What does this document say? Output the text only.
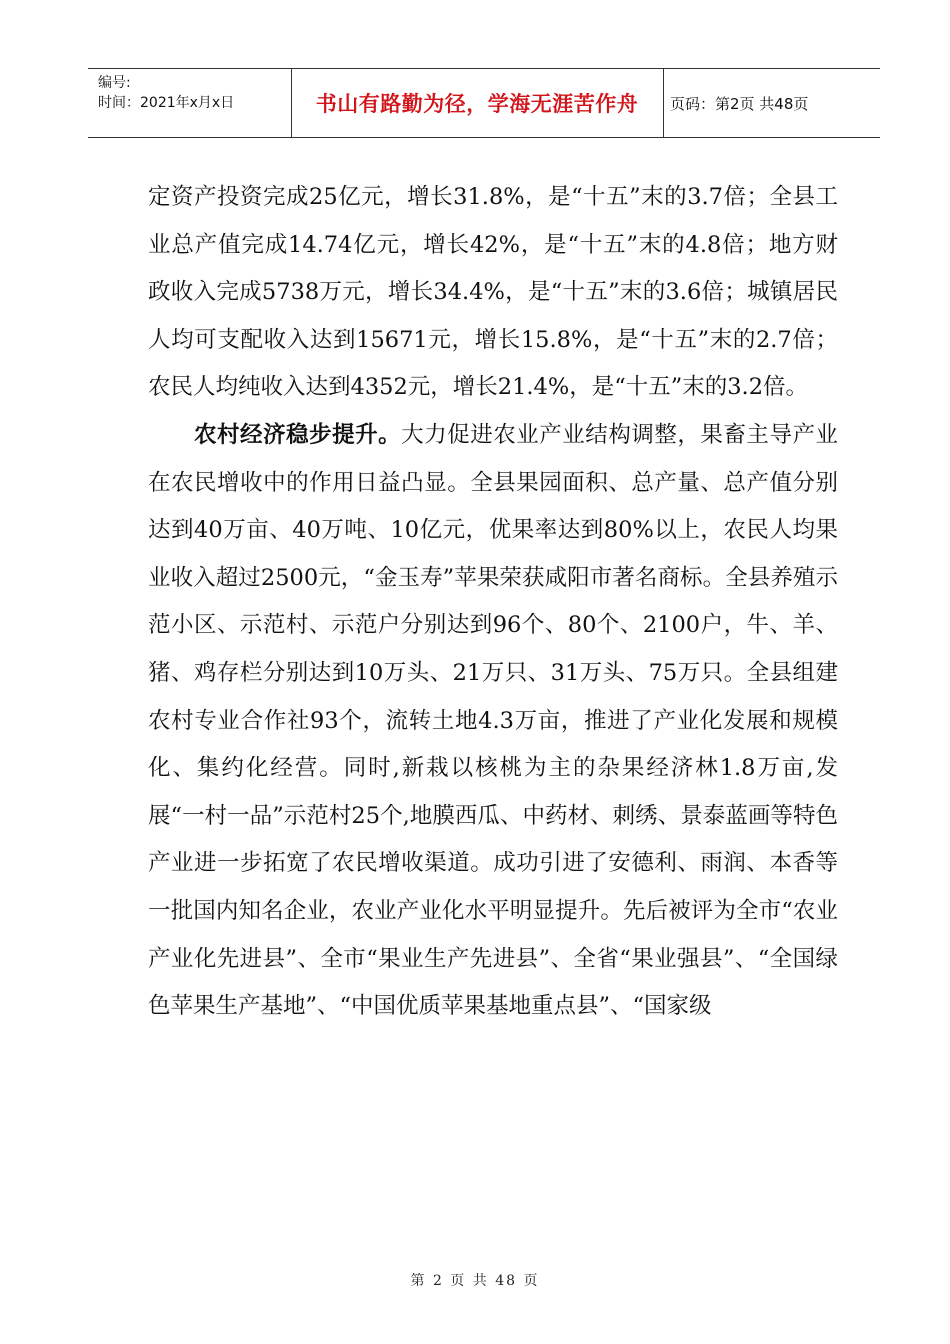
编号:
时间：2021年x月x日	书山有路勤为径，学海无涯苦作舟	页码：第2页 共48页

定资产投资完成25亿元，增长31.8%，是“十五”末的3.7倍；全县工业总产值完成14.74亿元，增长42%，是“十五”末的4.8倍；地方财政收入完成5738万元，增长34.4%，是“十五”末的3.6倍；城镇居民人均可支配收入达到15671元，增长15.8%，是“十五”末的2.7倍；农民人均纯收入达到4352元，增长21.4%，是“十五”末的3.2倍。

农村经济稳步提升。大力促进农业产业结构调整，果畜主导产业在农民增收中的作用日益凸显。全县果园面积、总产量、总产值分别达到40万亩、40万吨、10亿元，优果率达到80%以上，农民人均果业收入超过2500元，“金玉寿”苹果荣获咸阳市著名商标。全县养殖示范小区、示范村、示范户分别达到96个、80个、2100户，牛、羊、猪、鸡存栏分别达到10万头、21万只、31万头、75万只。全县组建农村专业合作社93个，流转土地4.3万亩，推进了产业化发展和规模化、集约化经营。同时,新栽以核桃为主的杂果经济林1.8万亩,发展“一村一品”示范村25个,地膜西瓜、中药材、刺绣、景泰蓝画等特色产业进一步拓宽了农民增收渠道。成功引进了安德利、雨润、本香等一批国内知名企业，农业产业化水平明显提升。先后被评为全市“农业产业化先进县”、全市“果业生产先进县”、全省“果业强县”、“全国绿色苹果生产基地”、“中国优质苹果基地重点县”、“国家级

第 2 页 共 48 页
